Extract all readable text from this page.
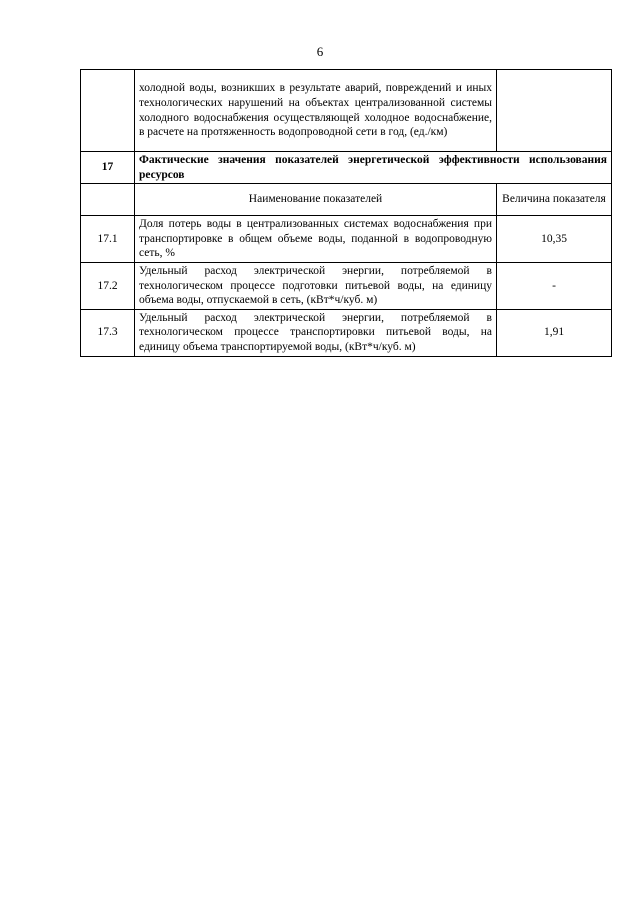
6
	холодной воды, возникших в результате аварий, повреждений и иных технологических нарушений на объектах централизованной системы холодного водоснабжения осуществляющей холодное водоснабжение, в расчете на протяженность водопроводной сети в год, (ед./км)	
17	Фактические значения показателей энергетической эффективности использования ресурсов	
	Наименование показателей	Величина показателя
17.1	Доля потерь воды в централизованных системах водоснабжения при транспортировке в общем объеме воды, поданной в водопроводную сеть, %	10,35
17.2	Удельный расход электрической энергии, потребляемой в технологическом процессе подготовки питьевой воды, на единицу объема воды, отпускаемой в сеть, (кВт*ч/куб. м)	-
17.3	Удельный расход электрической энергии, потребляемой в технологическом процессе транспортировки питьевой воды, на единицу объема транспортируемой воды, (кВт*ч/куб. м)	1,91
